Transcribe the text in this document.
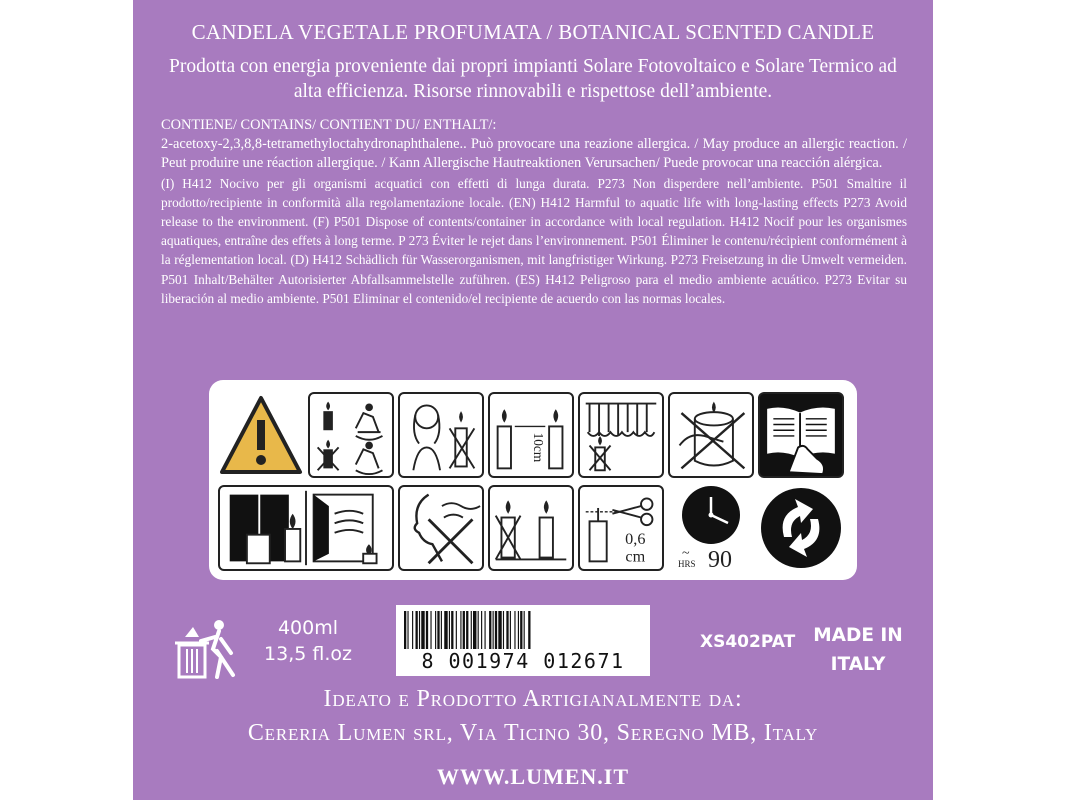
CANDELA VEGETALE PROFUMATA / BOTANICAL SCENTED CANDLE
Prodotta con energia proveniente dai propri impianti Solare Fotovoltaico e Solare Termico ad alta efficienza. Risorse rinnovabili e rispettose dell’ambiente.

CONTIENE/ CONTAINS/ CONTIENT DU/ ENTHALT/:

2-acetoxy-2,3,8,8-tetramethyloctahydronaphthalene.. Può provocare una reazione allergica. / May produce an allergic reaction. / Peut produire une réaction allergique. / Kann Allergische Hautreaktionen Verursachen/ Puede provocar una reacción alérgica.

(I) H412 Nocivo per gli organismi acquatici con effetti di lunga durata. P273 Non disperdere nell’ambiente. P501 Smaltire il prodotto/recipiente in conformità alla regolamentazione locale. (EN) H412 Harmful to aquatic life with long-lasting effects P273 Avoid release to the environment. (F) P501 Dispose of contents/container in accordance with local regulation. H412 Nocif pour les organismes aquatiques, entraîne des effets à long terme. P 273 Éviter le rejet dans l’environnement. P501 Éliminer le contenu/récipient conformément à la réglementation local. (D) H412 Schädlich für Wasserorganismen, mit langfristiger Wirkung. P273 Freisetzung in die Umwelt vermeiden. P501 Inhalt/Behälter Autorisierter Abfallsammelstelle zuführen. (ES) H412 Peligroso para el medio ambiente acuático. P273 Evitar su liberación al medio ambiente. P501 Eliminar el contenido/el recipiente de acuerdo con las normas locales.

10cm
0,6
cm	~
HRS 90
400ml
13,5 fl.oz	8 001974 012671
XS402PAT MADE IN
ITALY
Ideato e Prodotto Artigianalmente da:
Cereria Lumen srl, Via Ticino 30, Seregno MB, Italy
WWW.LUMEN.IT
